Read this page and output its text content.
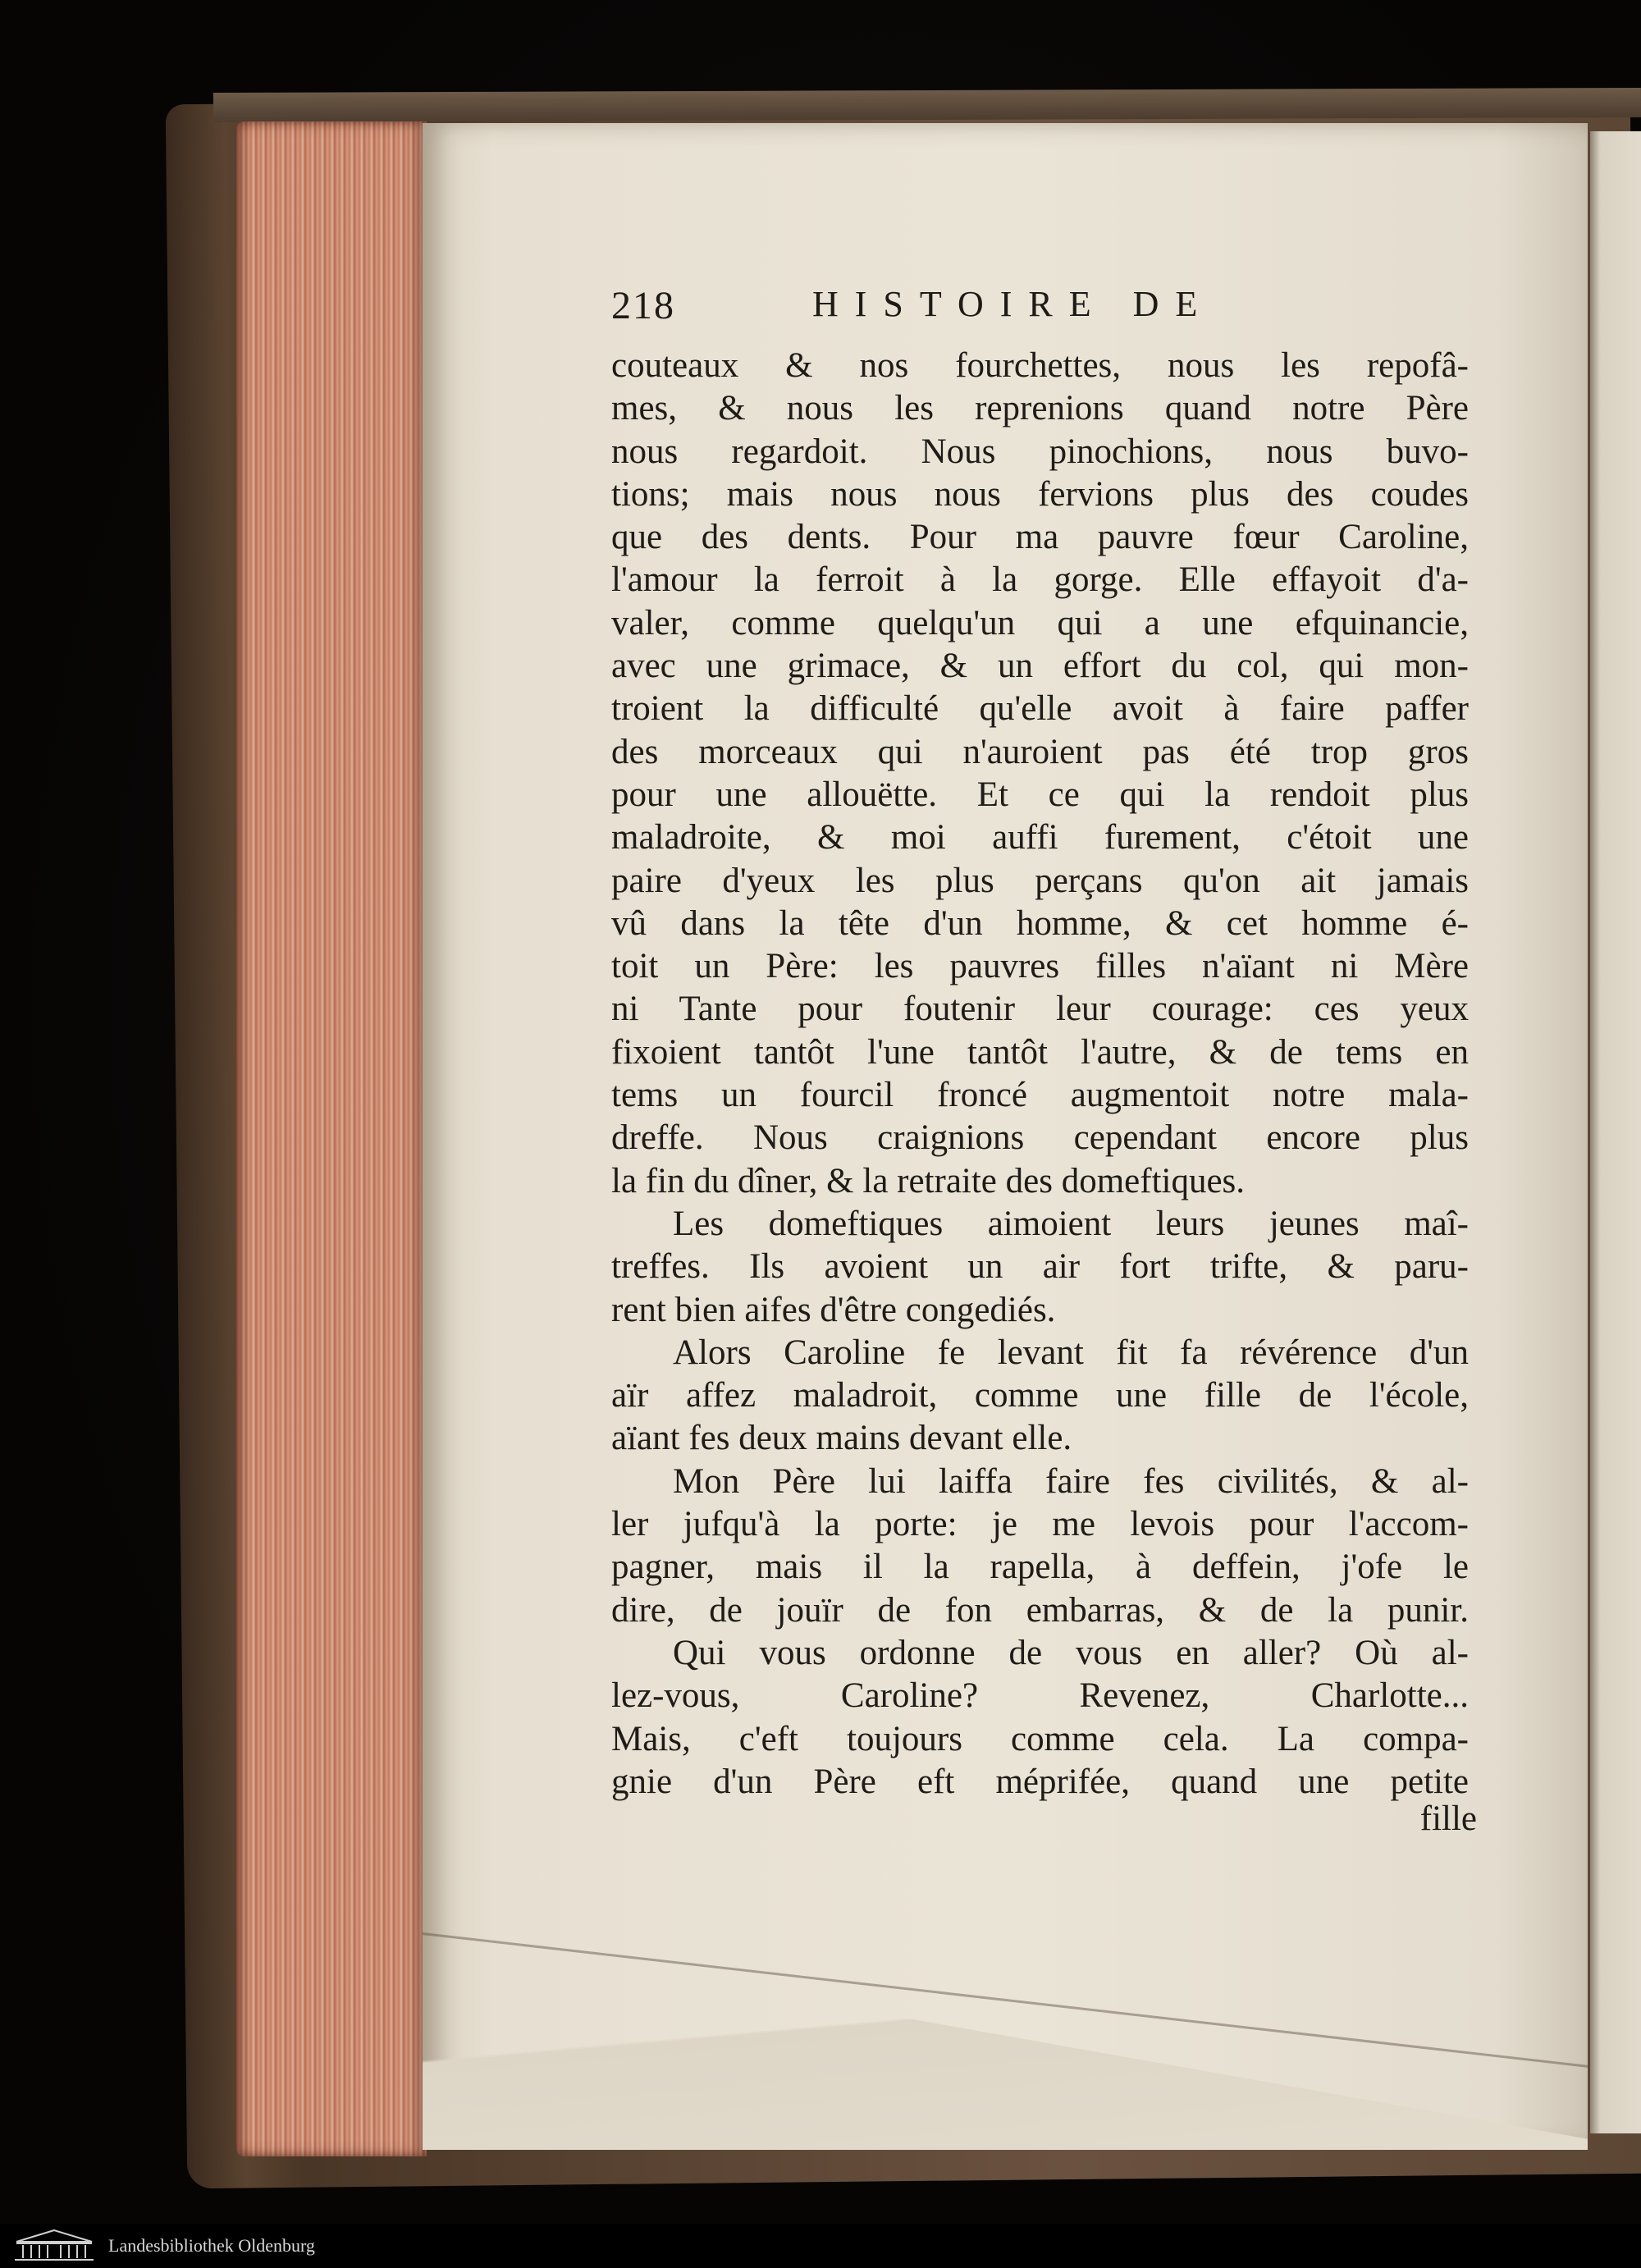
218	HISTOIRE DE
couteaux & nos fourchettes, nous les repofâ-
mes, & nous les reprenions quand notre Père
nous regardoit. Nous pinochions, nous buvo-
tions; mais nous nous fervions plus des coudes
que des dents. Pour ma pauvre fœur Caroline,
l'amour la ferroit à la gorge. Elle effayoit d'a-
valer, comme quelqu'un qui a une efquinancie,
avec une grimace, & un effort du col, qui mon-
troient la difficulté qu'elle avoit à faire paffer
des morceaux qui n'auroient pas été trop gros
pour une allouëtte. Et ce qui la rendoit plus
maladroite, & moi auffi furement, c'étoit une
paire d'yeux les plus perçans qu'on ait jamais
vû dans la tête d'un homme, & cet homme é-
toit un Père: les pauvres filles n'aïant ni Mère
ni Tante pour foutenir leur courage: ces yeux
fixoient tantôt l'une tantôt l'autre, & de tems en
tems un fourcil froncé augmentoit notre mala-
dreffe. Nous craignions cependant encore plus
la fin du dîner, & la retraite des domeftiques.
Les domeftiques aimoient leurs jeunes maî-
treffes. Ils avoient un air fort trifte, & paru-
rent bien aifes d'être congediés.
Alors Caroline fe levant fit fa révérence d'un
aïr affez maladroit, comme une fille de l'école,
aïant fes deux mains devant elle.
Mon Père lui laiffa faire fes civilités, & al-
ler jufqu'à la porte: je me levois pour l'accom-
pagner, mais il la rapella, à deffein, j'ofe le
dire, de jouïr de fon embarras, & de la punir.
Qui vous ordonne de vous en aller? Où al-
lez-vous, Caroline? Revenez, Charlotte...
Mais, c'eft toujours comme cela. La compa-
gnie d'un Père eft méprifée, quand une petite
fille
Landesbibliothek Oldenburg
